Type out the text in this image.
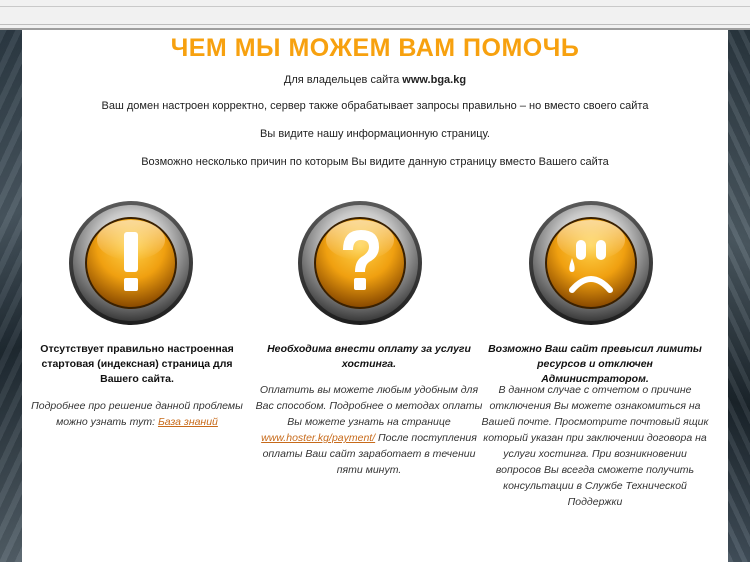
ЧЕМ МЫ МОЖЕМ ВАМ ПОМОЧЬ
Для владельцев сайта www.bga.kg
Ваш домен настроен корректно, сервер также обрабатывает запросы правильно – но вместо своего сайта
Вы видите нашу информационную страницу.
Возможно несколько причин по которым Вы видите данную страницу вместо Вашего сайта
Отсутствует правильно настроенная стартовая (индексная) страница для Вашего сайта.
Подробнее про решение данной проблемы можно узнать тут: База знаний
Необходима внести оплату за услуги хостинга.
Оплатить вы можете любым удобным для Вас способом. Подробнее о методах оплаты Вы можете узнать на странице www.hoster.kg/payment/ После поступления оплаты Ваш сайт заработает в течении пяти минут.
Возможно Ваш сайт превысил лимиты ресурсов и отключен Администратором.
В данном случае с отчетом о причине отключения Вы можете ознакомиться на Вашей почте. Просмотрите почтовый ящик который указан при заключении договора на услуги хостинга. При возникновении вопросов Вы всегда сможете получить консультации в Службе Технической Поддержки
